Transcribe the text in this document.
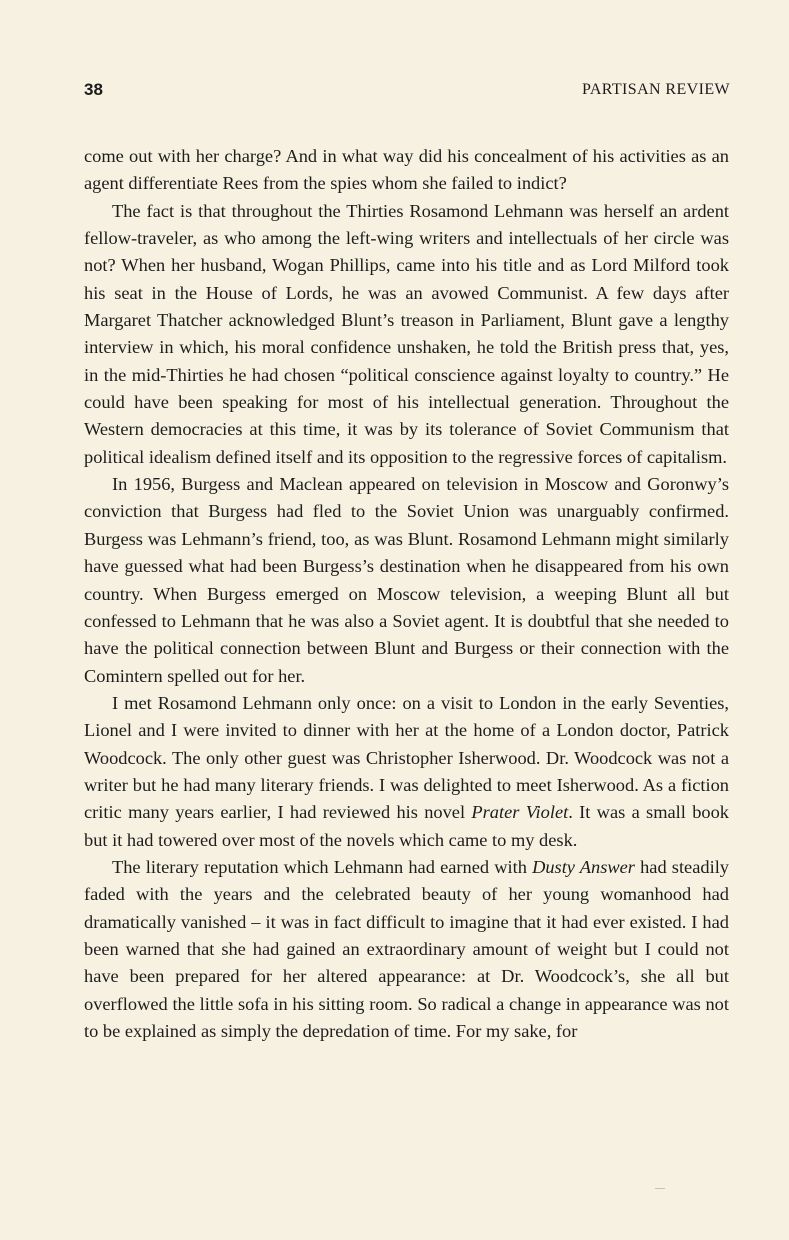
38	PARTISAN REVIEW

come out with her charge? And in what way did his concealment of his activities as an agent differentiate Rees from the spies whom she failed to indict?

The fact is that throughout the Thirties Rosamond Lehmann was herself an ardent fellow-traveler, as who among the left-wing writers and intellectuals of her circle was not? When her husband, Wogan Phillips, came into his title and as Lord Milford took his seat in the House of Lords, he was an avowed Communist. A few days after Margaret Thatcher acknowledged Blunt’s treason in Parliament, Blunt gave a lengthy interview in which, his moral confidence unshaken, he told the British press that, yes, in the mid-Thirties he had chosen “political conscience against loyalty to country.” He could have been speaking for most of his intellectual generation. Throughout the Western democracies at this time, it was by its tolerance of Soviet Communism that political idealism defined itself and its opposition to the regressive forces of capitalism.

In 1956, Burgess and Maclean appeared on television in Moscow and Goronwy’s conviction that Burgess had fled to the Soviet Union was unarguably confirmed. Burgess was Lehmann’s friend, too, as was Blunt. Rosamond Lehmann might similarly have guessed what had been Burgess’s destination when he disappeared from his own country. When Burgess emerged on Moscow television, a weeping Blunt all but confessed to Lehmann that he was also a Soviet agent. It is doubtful that she needed to have the political connection between Blunt and Burgess or their connection with the Comintern spelled out for her.

I met Rosamond Lehmann only once: on a visit to London in the early Seventies, Lionel and I were invited to dinner with her at the home of a London doctor, Patrick Woodcock. The only other guest was Christopher Isherwood. Dr. Woodcock was not a writer but he had many literary friends. I was delighted to meet Isherwood. As a fiction critic many years earlier, I had reviewed his novel Prater Violet. It was a small book but it had towered over most of the novels which came to my desk.

The literary reputation which Lehmann had earned with Dusty Answer had steadily faded with the years and the celebrated beauty of her young womanhood had dramatically vanished – it was in fact difficult to imagine that it had ever existed. I had been warned that she had gained an extraordinary amount of weight but I could not have been prepared for her altered appearance: at Dr. Woodcock’s, she all but overflowed the little sofa in his sitting room. So radical a change in appearance was not to be explained as simply the depredation of time. For my sake, for
